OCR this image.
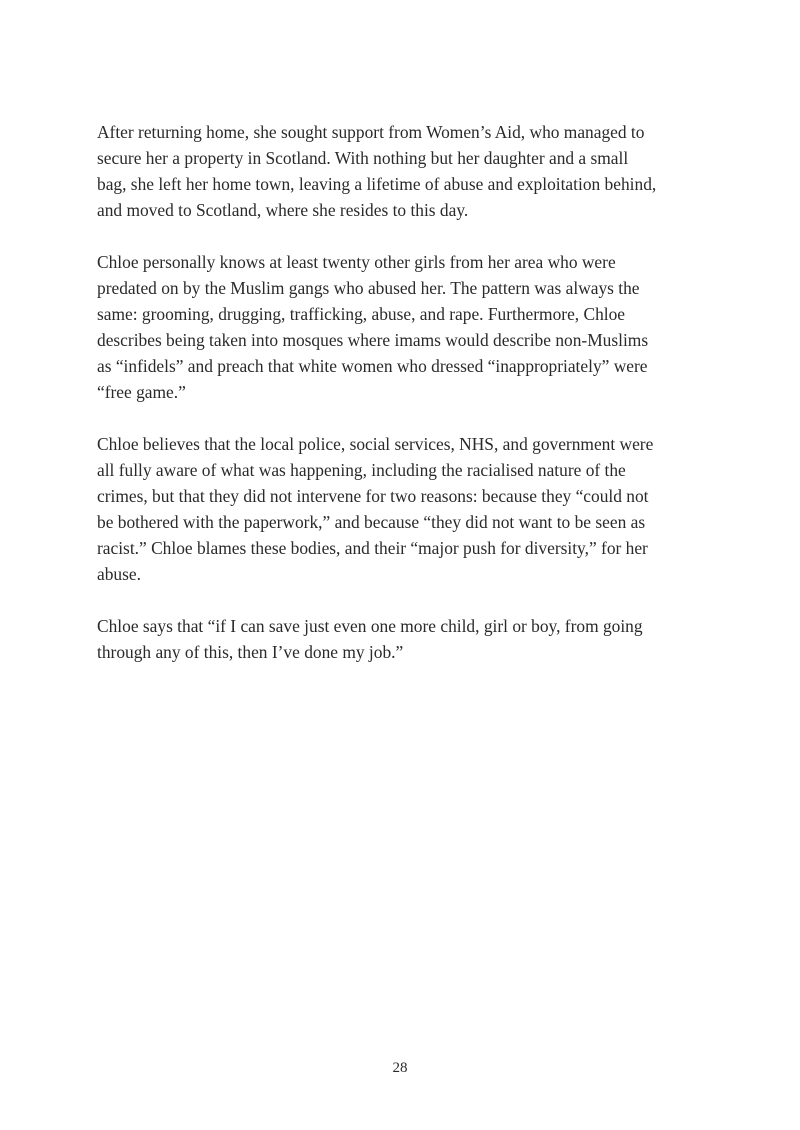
After returning home, she sought support from Women’s Aid, who managed to
secure her a property in Scotland. With nothing but her daughter and a small
bag, she left her home town, leaving a lifetime of abuse and exploitation behind,
and moved to Scotland, where she resides to this day.

Chloe personally knows at least twenty other girls from her area who were
predated on by the Muslim gangs who abused her. The pattern was always the
same: grooming, drugging, trafficking, abuse, and rape. Furthermore, Chloe
describes being taken into mosques where imams would describe non-Muslims
as “infidels” and preach that white women who dressed “inappropriately” were
“free game.”

Chloe believes that the local police, social services, NHS, and government were
all fully aware of what was happening, including the racialised nature of the
crimes, but that they did not intervene for two reasons: because they “could not
be bothered with the paperwork,” and because “they did not want to be seen as
racist.” Chloe blames these bodies, and their “major push for diversity,” for her
abuse.

Chloe says that “if I can save just even one more child, girl or boy, from going
through any of this, then I’ve done my job.”

28
